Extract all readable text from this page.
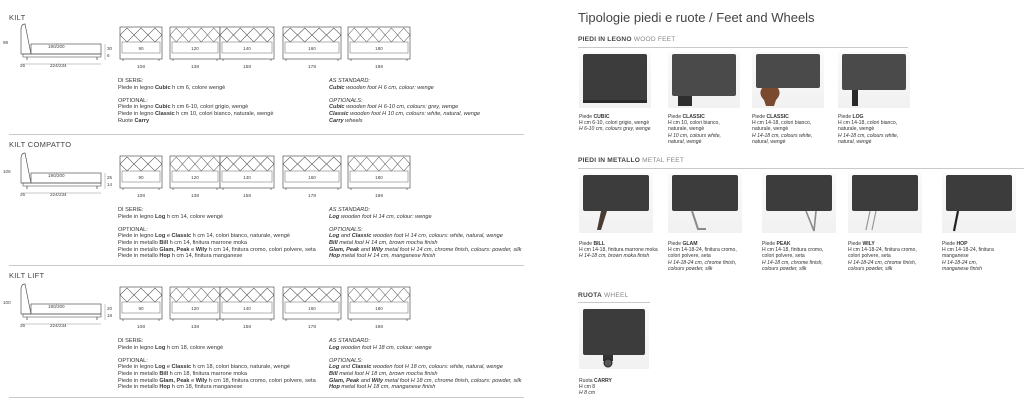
KILT
KILT COMPATTO
KILT LIFT
98
190/200
26	224/234
30
6
90
108
120
138
140
158
160
178
180
198
DI SERIE:
Piede in legno Cubic h cm 6, colore wengè
OPTIONAL:
Piede in legno Cubic h cm 6-10, colori grigio, wengè
Piede in legno Classic h cm 10, colori bianco, naturale, wengè
Ruote Carry
AS STANDARD:
Cubic wooden foot H 6 cm, colour: wenge
OPTIONALS:
Cubic wooden foot H 6-10 cm, colours: grey, wenge
Classic wooden foot H 10 cm, colours: white, natural, wenge
Carry wheels
106
190/200
26	224/234
25
14
90
108
120
138
140
158
160
178
180
198
DI SERIE:
Piede in legno Log h cm 14, colore wengè
OPTIONAL:
Piede in legno Log e Classic h cm 14, colori bianco, naturale, wengè
Piede in metallo Bill h cm 14, finitura marrone moka
Piede in metallo Glam, Peak e Wily h cm 14, finitura cromo, colori polvere, seta
Piede in metallo Hop h cm 14, finitura manganese
AS STANDARD:
Log wooden foot H 14 cm, colour: wenge
OPTIONALS:
Log and Classic wooden foot H 14 cm, colours: white, natural, wenge
Bill metal foot H 14 cm, brown mocha finish
Glam, Peak and Wily metal foot H 14 cm, chrome finish, colours: powder, silk
Hop metal foot H 14 cm, manganese finish
100
190/200
26	224/234
20
18
90
108
120
138
140
158
160
178
180
198
DI SERIE:
Piede in legno Log h cm 18, colore wengè
OPTIONAL:
Piede in legno Log e Classic h cm 18, colori bianco, naturale, wengè
Piede in metallo Bill h cm 18, finitura marrone moka
Piede in metallo Glam, Peak e Wily h cm 18, finitura cromo, colori polvere, seta
Piede in metallo Hop h cm 18, finitura manganese
AS STANDARD:
Log wooden foot H 18 cm, colour: wenge
OPTIONALS:
Log and Classic wooden foot H 18 cm, colours: white, natural, wenge
Bill metal foot H 18 cm, brown mocha finish
Glam, Peak and Wily metal foot H 18 cm, chrome finish, colours: powder, silk
Hop metal foot H 18 cm, manganese finish
Tipologie piedi e ruote / Feet and Wheels
PIEDI IN LEGNO WOOD FEET
PIEDI IN METALLO METAL FEET
RUOTA WHEEL
Piede CUBIC
H cm 6-10, colori grigio, wengè
H 6-10 cm, colours grey, wenge
Piede CLASSIC
H cm 10, colori bianco,
naturale, wengè
H 10 cm, colours white,
natural, wengè
Piede CLASSIC
H cm 14-18, colori bianco,
naturale, wengè
H 14-18 cm, colours white,
natural, wengè
Piede LOG
H cm 14-18, colori bianco,
naturale, wengè
H 14-18 cm, colours white,
natural, wengè
Piede BILL
H cm 14-18, finitura marrone moka
H 14-18 cm, brown moka finish
Piede GLAM
H cm 14-18-24, finitura cromo,
colori polvere, seta
H 14-18-24 cm, chrome finish,
colours powder, silk
Piede PEAK
H cm 14-18, finitura cromo,
colori polvere, seta
H 14-18 cm, chrome finish,
colours powder, silk
Piede WILY
H cm 14-18-24, finitura cromo,
colori polvere, seta
H 14-18-24 cm, chrome finish,
colours powder, silk
Piede HOP
H cm 14-18-24, finitura
manganese
H 14-18-24 cm,
manganese finish
Ruota CARRY
H cm 8
H 8 cm
